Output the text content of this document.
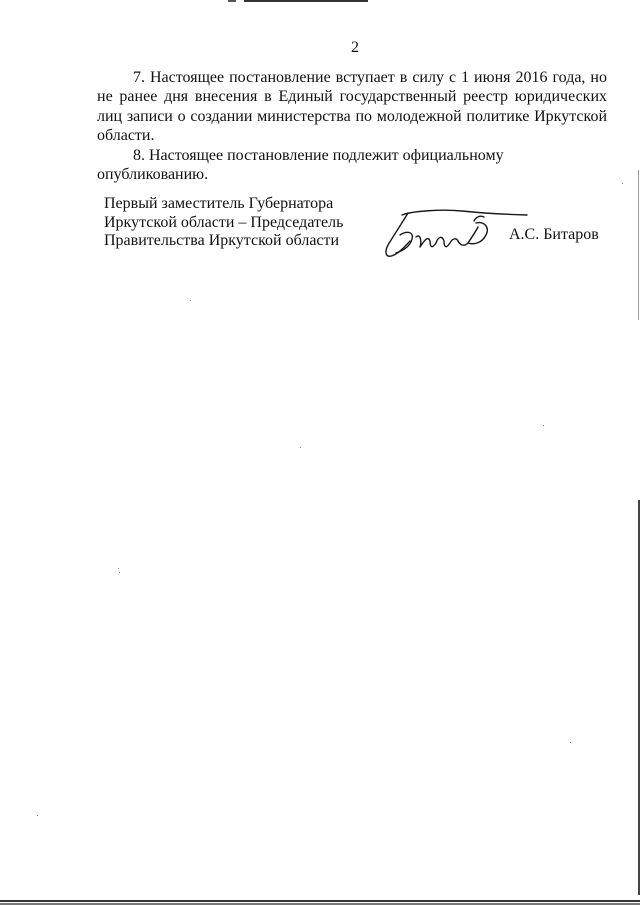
2

7. Настоящее постановление вступает в силу с 1 июня 2016 года, но не ранее дня внесения в Единый государственный реестр юридических лиц записи о создании министерства по молодежной политике Иркутской области.

8. Настоящее постановление подлежит официальному опубликованию.

Первый заместитель Губернатора
Иркутской области – Председатель
Правительства Иркутской области	А.С. Битаров
